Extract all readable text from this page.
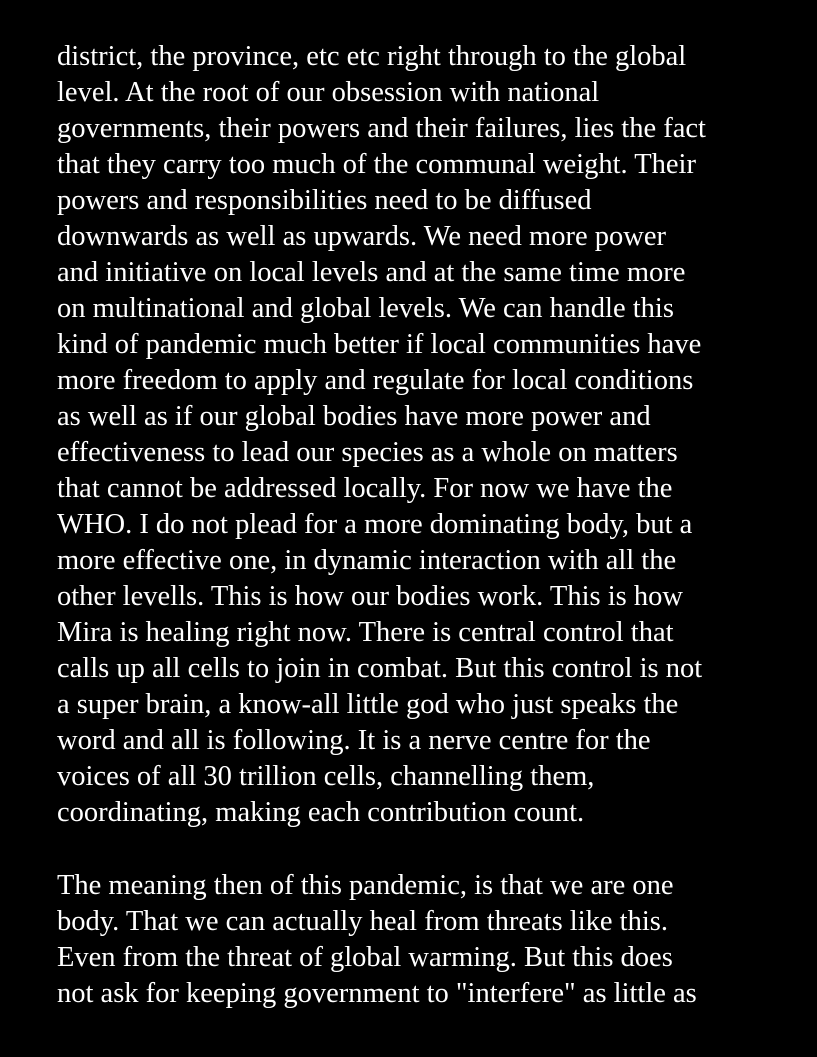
district, the province, etc etc right through to the global
level. At the root of our obsession with national
governments, their powers and their failures, lies the fact
that they carry too much of the communal weight. Their
powers and responsibilities need to be diffused
downwards as well as upwards. We need more power
and initiative on local levels and at the same time more
on multinational and global levels. We can handle this
kind of pandemic much better if local communities have
more freedom to apply and regulate for local conditions
as well as if our global bodies have more power and
effectiveness to lead our species as a whole on matters
that cannot be addressed locally. For now we have the
WHO. I do not plead for a more dominating body, but a
more effective one, in dynamic interaction with all the
other levells. This is how our bodies work. This is how
Mira is healing right now. There is central control that
calls up all cells to join in combat. But this control is not
a super brain, a know-all little god who just speaks the
word and all is following. It is a nerve centre for the
voices of all 30 trillion cells, channelling them,
coordinating, making each contribution count.
The meaning then of this pandemic, is that we are one
body. That we can actually heal from threats like this.
Even from the threat of global warming. But this does
not ask for keeping government to "interfere" as little as
